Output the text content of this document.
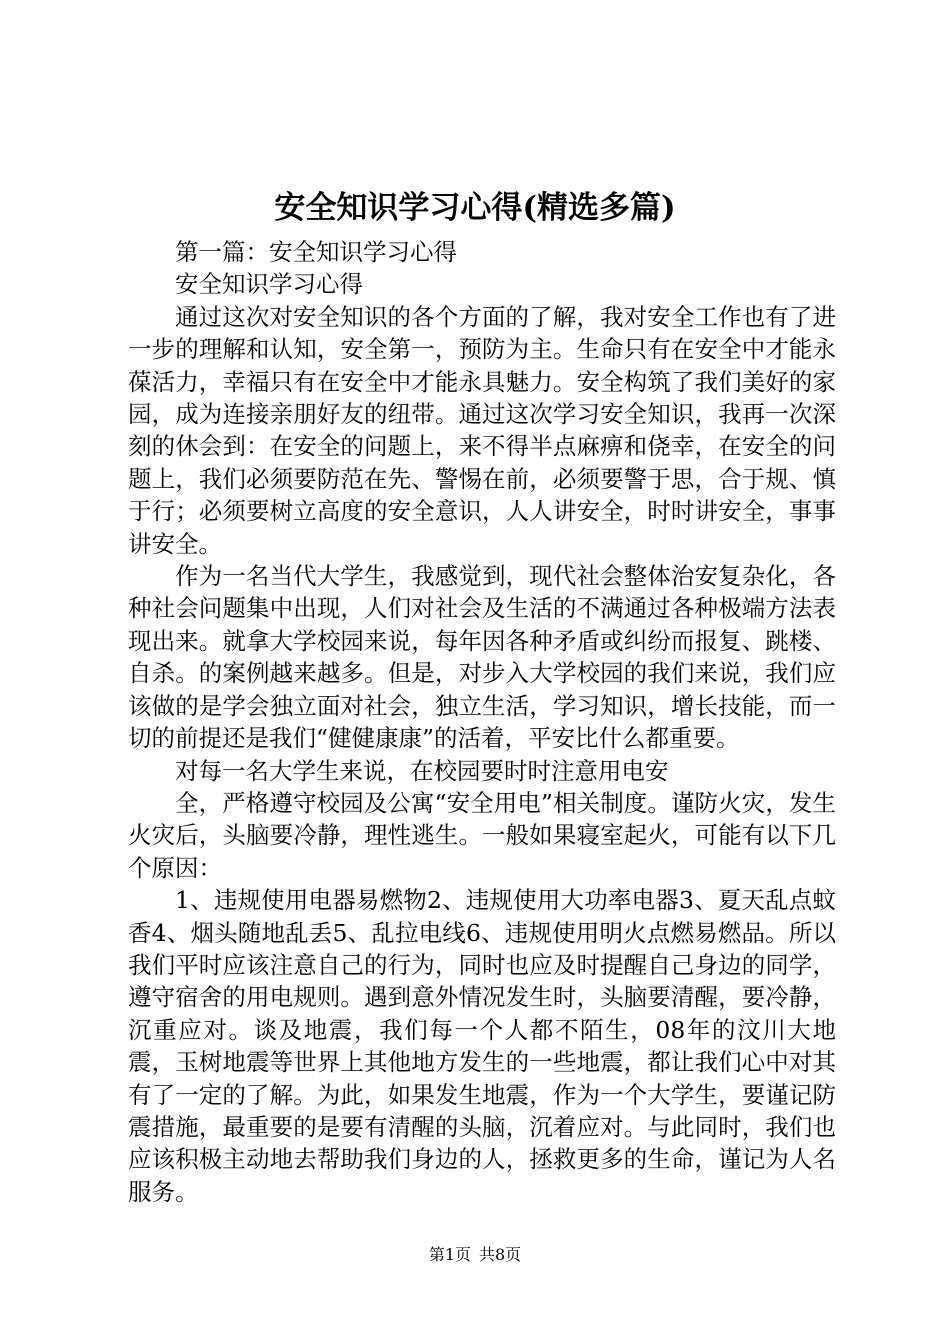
安全知识学习心得(精选多篇)

第一篇：安全知识学习心得

安全知识学习心得

通过这次对安全知识的各个方面的了解，我对安全工作也有了进一步的理解和认知，安全第一，预防为主。生命只有在安全中才能永葆活力，幸福只有在安全中才能永具魅力。安全构筑了我们美好的家园，成为连接亲朋好友的纽带。通过这次学习安全知识，我再一次深刻的休会到：在安全的问题上，来不得半点麻痹和侥幸，在安全的问题上，我们必须要防范在先、警惕在前，必须要警于思，合于规、慎于行；必须要树立高度的安全意识，人人讲安全，时时讲安全，事事讲安全。

作为一名当代大学生，我感觉到，现代社会整体治安复杂化，各种社会问题集中出现，人们对社会及生活的不满通过各种极端方法表现出来。就拿大学校园来说，每年因各种矛盾或纠纷而报复、跳楼、自杀。的案例越来越多。但是，对步入大学校园的我们来说，我们应该做的是学会独立面对社会，独立生活，学习知识，增长技能，而一切的前提还是我们“健健康康”的活着，平安比什么都重要。

对每一名大学生来说，在校园要时时注意用电安

全，严格遵守校园及公寓“安全用电”相关制度。谨防火灾，发生火灾后，头脑要冷静，理性逃生。一般如果寝室起火，可能有以下几个原因：

1、违规使用电器易燃物2、违规使用大功率电器3、夏天乱点蚊香4、烟头随地乱丢5、乱拉电线6、违规使用明火点燃易燃品。所以我们平时应该注意自己的行为，同时也应及时提醒自己身边的同学，遵守宿舍的用电规则。遇到意外情况发生时，头脑要清醒，要冷静，沉重应对。谈及地震，我们每一个人都不陌生，08年的汶川大地震，玉树地震等世界上其他地方发生的一些地震，都让我们心中对其有了一定的了解。为此，如果发生地震，作为一个大学生，要谨记防震措施，最重要的是要有清醒的头脑，沉着应对。与此同时，我们也应该积极主动地去帮助我们身边的人，拯救更多的生命，谨记为人名服务。

第1页 共8页
